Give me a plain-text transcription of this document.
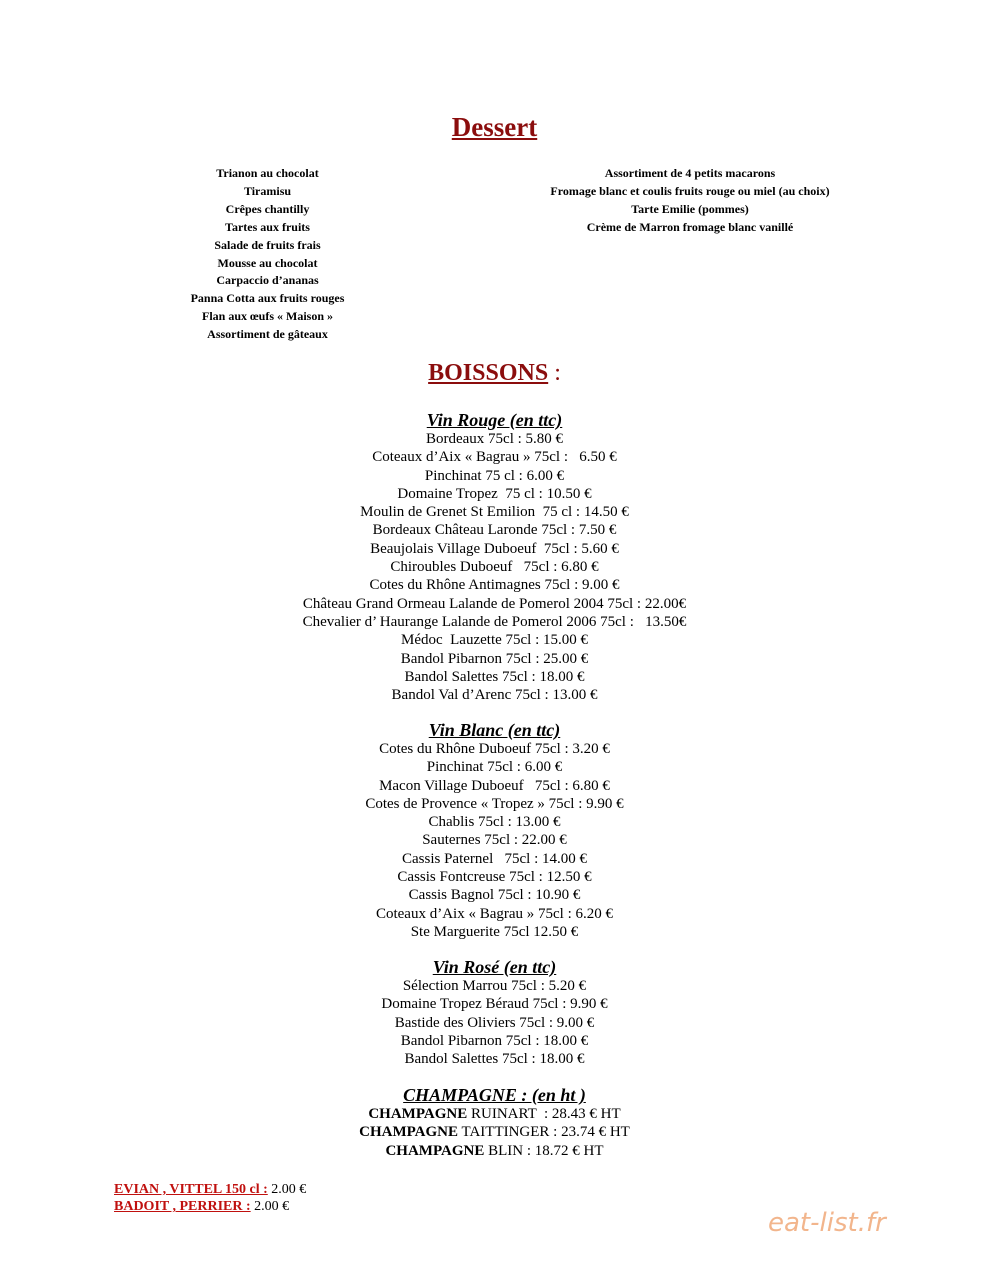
Dessert
Trianon au chocolat
Tiramisu
Crêpes chantilly
Tartes aux fruits
Salade de fruits frais
Mousse au chocolat
Carpaccio d’ananas
Panna Cotta aux fruits rouges
Flan aux œufs « Maison »
Assortiment de gâteaux
Assortiment de 4 petits macarons
Fromage blanc et coulis fruits rouge ou miel (au choix)
Tarte Emilie (pommes)
Crème de Marron fromage blanc vanillé
BOISSONS :
Vin Rouge (en ttc)
Bordeaux 75cl : 5.80 €
Coteaux d’Aix « Bagrau » 75cl :   6.50 €
Pinchinat 75 cl : 6.00 €
Domaine Tropez  75 cl : 10.50 €
Moulin de Grenet St Emilion  75 cl : 14.50 €
Bordeaux Château Laronde 75cl : 7.50 €
Beaujolais Village Duboeuf  75cl : 5.60 €
Chiroubles Duboeuf   75cl : 6.80 €
Cotes du Rhône Antimagnes 75cl : 9.00 €
Château Grand Ormeau Lalande de Pomerol 2004 75cl : 22.00€
Chevalier d’ Haurange Lalande de Pomerol 2006 75cl :   13.50€
Médoc  Lauzette 75cl : 15.00 €
Bandol Pibarnon 75cl : 25.00 €
Bandol Salettes 75cl : 18.00 €
Bandol Val d’Arenc 75cl : 13.00 €
Vin Blanc (en ttc)
Cotes du Rhône Duboeuf 75cl : 3.20 €
Pinchinat 75cl : 6.00 €
Macon Village Duboeuf   75cl : 6.80 €
Cotes de Provence « Tropez » 75cl : 9.90 €
Chablis 75cl : 13.00 €
Sauternes 75cl : 22.00 €
Cassis Paternel   75cl : 14.00 €
Cassis Fontcreuse 75cl : 12.50 €
Cassis Bagnol 75cl : 10.90 €
Coteaux d’Aix « Bagrau » 75cl : 6.20 €
Ste Marguerite 75cl 12.50 €
Vin Rosé (en ttc)
Sélection Marrou 75cl : 5.20 €
Domaine Tropez Béraud 75cl : 9.90 €
Bastide des Oliviers 75cl : 9.00 €
Bandol Pibarnon 75cl : 18.00 €
Bandol Salettes 75cl : 18.00 €
CHAMPAGNE : (en ht )
CHAMPAGNE RUINART  : 28.43 € HT
CHAMPAGNE TAITTINGER : 23.74 € HT
CHAMPAGNE BLIN : 18.72 € HT
EVIAN , VITTEL 150 cl : 2.00 €
BADOIT , PERRIER : 2.00 €
eat-list.fr
